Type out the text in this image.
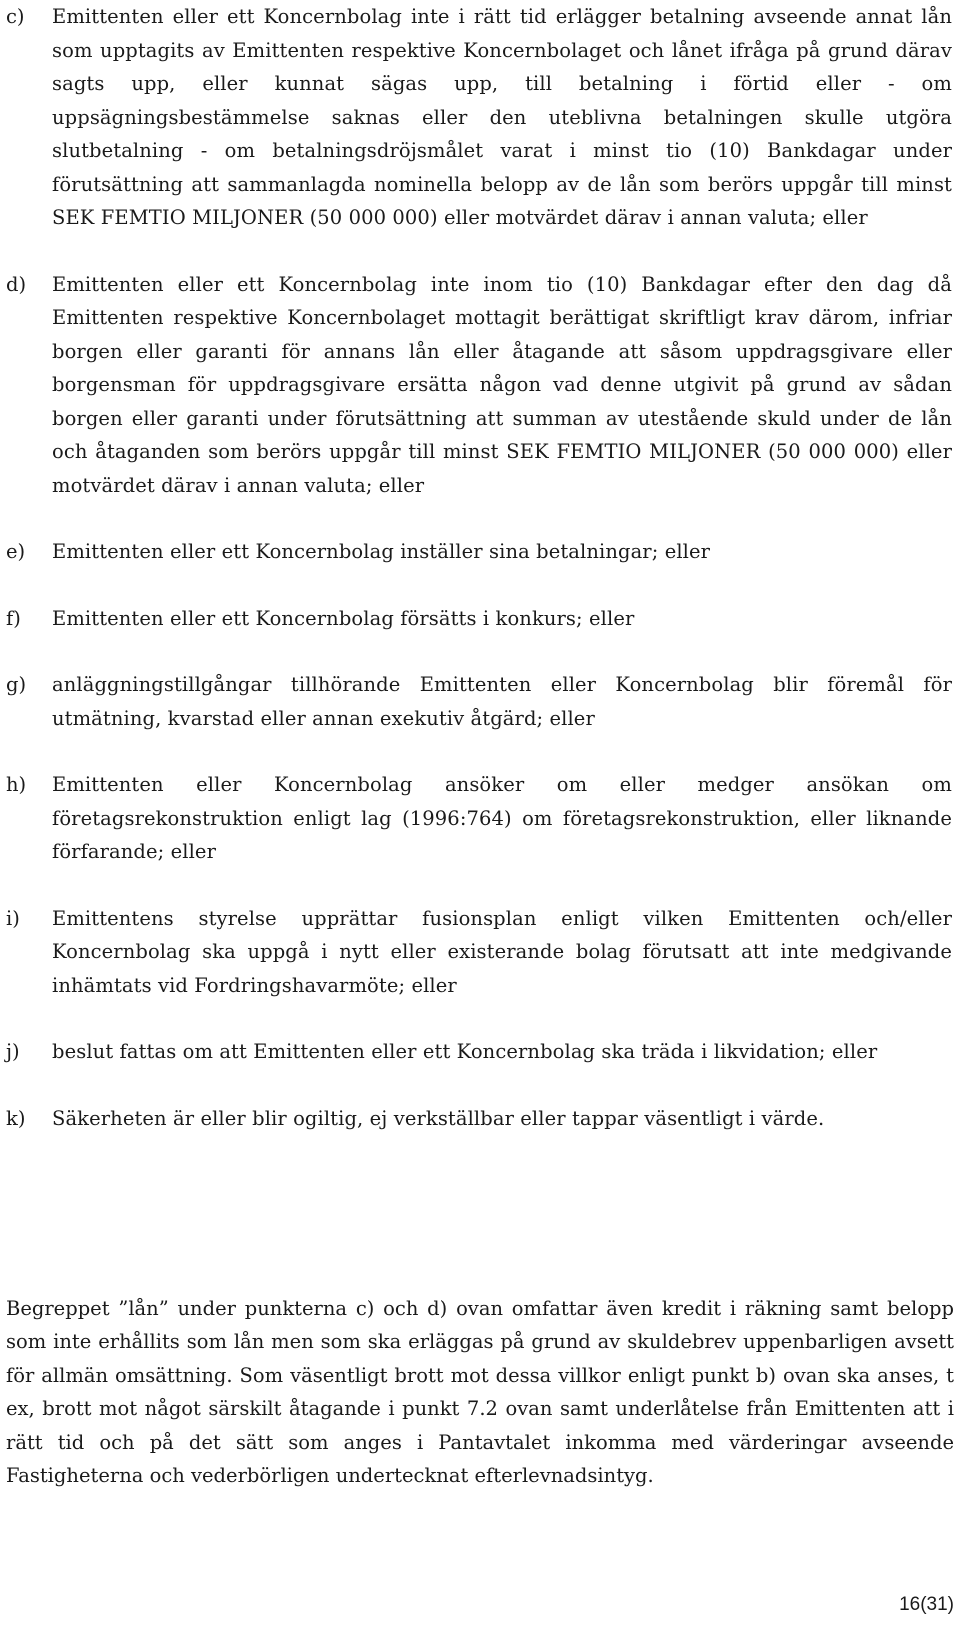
c)	Emittenten eller ett Koncernbolag inte i rätt tid erlägger betalning avseende annat lån som upptagits av Emittenten respektive Koncernbolaget och lånet ifråga på grund därav sagts upp, eller kunnat sägas upp, till betalning i förtid eller - om uppsägningsbestämmelse saknas eller den uteblivna betalningen skulle utgöra slutbetalning - om betalningsdröjsmålet varat i minst tio (10) Bankdagar under förutsättning att sammanlagda nominella belopp av de lån som berörs uppgår till minst SEK FEMTIO MILJONER (50 000 000) eller motvärdet därav i annan valuta; eller
d)	Emittenten eller ett Koncernbolag inte inom tio (10) Bankdagar efter den dag då Emittenten respektive Koncernbolaget mottagit berättigat skriftligt krav därom, infriar borgen eller garanti för annans lån eller åtagande att såsom uppdragsgivare eller borgensman för uppdragsgivare ersätta någon vad denne utgivit på grund av sådan borgen eller garanti under förutsättning att summan av utestående skuld under de lån och åtaganden som berörs uppgår till minst SEK FEMTIO MILJONER (50 000 000) eller motvärdet därav i annan valuta; eller
e)	Emittenten eller ett Koncernbolag inställer sina betalningar; eller
f)	Emittenten eller ett Koncernbolag försätts i konkurs; eller
g)	anläggningstillgångar tillhörande Emittenten eller Koncernbolag blir föremål för utmätning, kvarstad eller annan exekutiv åtgärd; eller
h)	Emittenten eller Koncernbolag ansöker om eller medger ansökan om företagsrekonstruktion enligt lag (1996:764) om företagsrekonstruktion, eller liknande förfarande; eller
i)	Emittentens styrelse upprättar fusionsplan enligt vilken Emittenten och/eller Koncernbolag ska uppgå i nytt eller existerande bolag förutsatt att inte medgivande inhämtats vid Fordringshavarmöte; eller
j)	beslut fattas om att Emittenten eller ett Koncernbolag ska träda i likvidation; eller
k)	Säkerheten är eller blir ogiltig, ej verkställbar eller tappar väsentligt i värde.

Begreppet ”lån” under punkterna c) och d) ovan omfattar även kredit i räkning samt belopp som inte erhållits som lån men som ska erläggas på grund av skuldebrev uppenbarligen avsett för allmän omsättning. Som väsentligt brott mot dessa villkor enligt punkt b) ovan ska anses, t ex, brott mot något särskilt åtagande i punkt 7.2 ovan samt underlåtelse från Emittenten att i rätt tid och på det sätt som anges i Pantavtalet inkomma med värderingar avseende Fastigheterna och vederbörligen undertecknat efterlevnadsintyg.

16(31)
